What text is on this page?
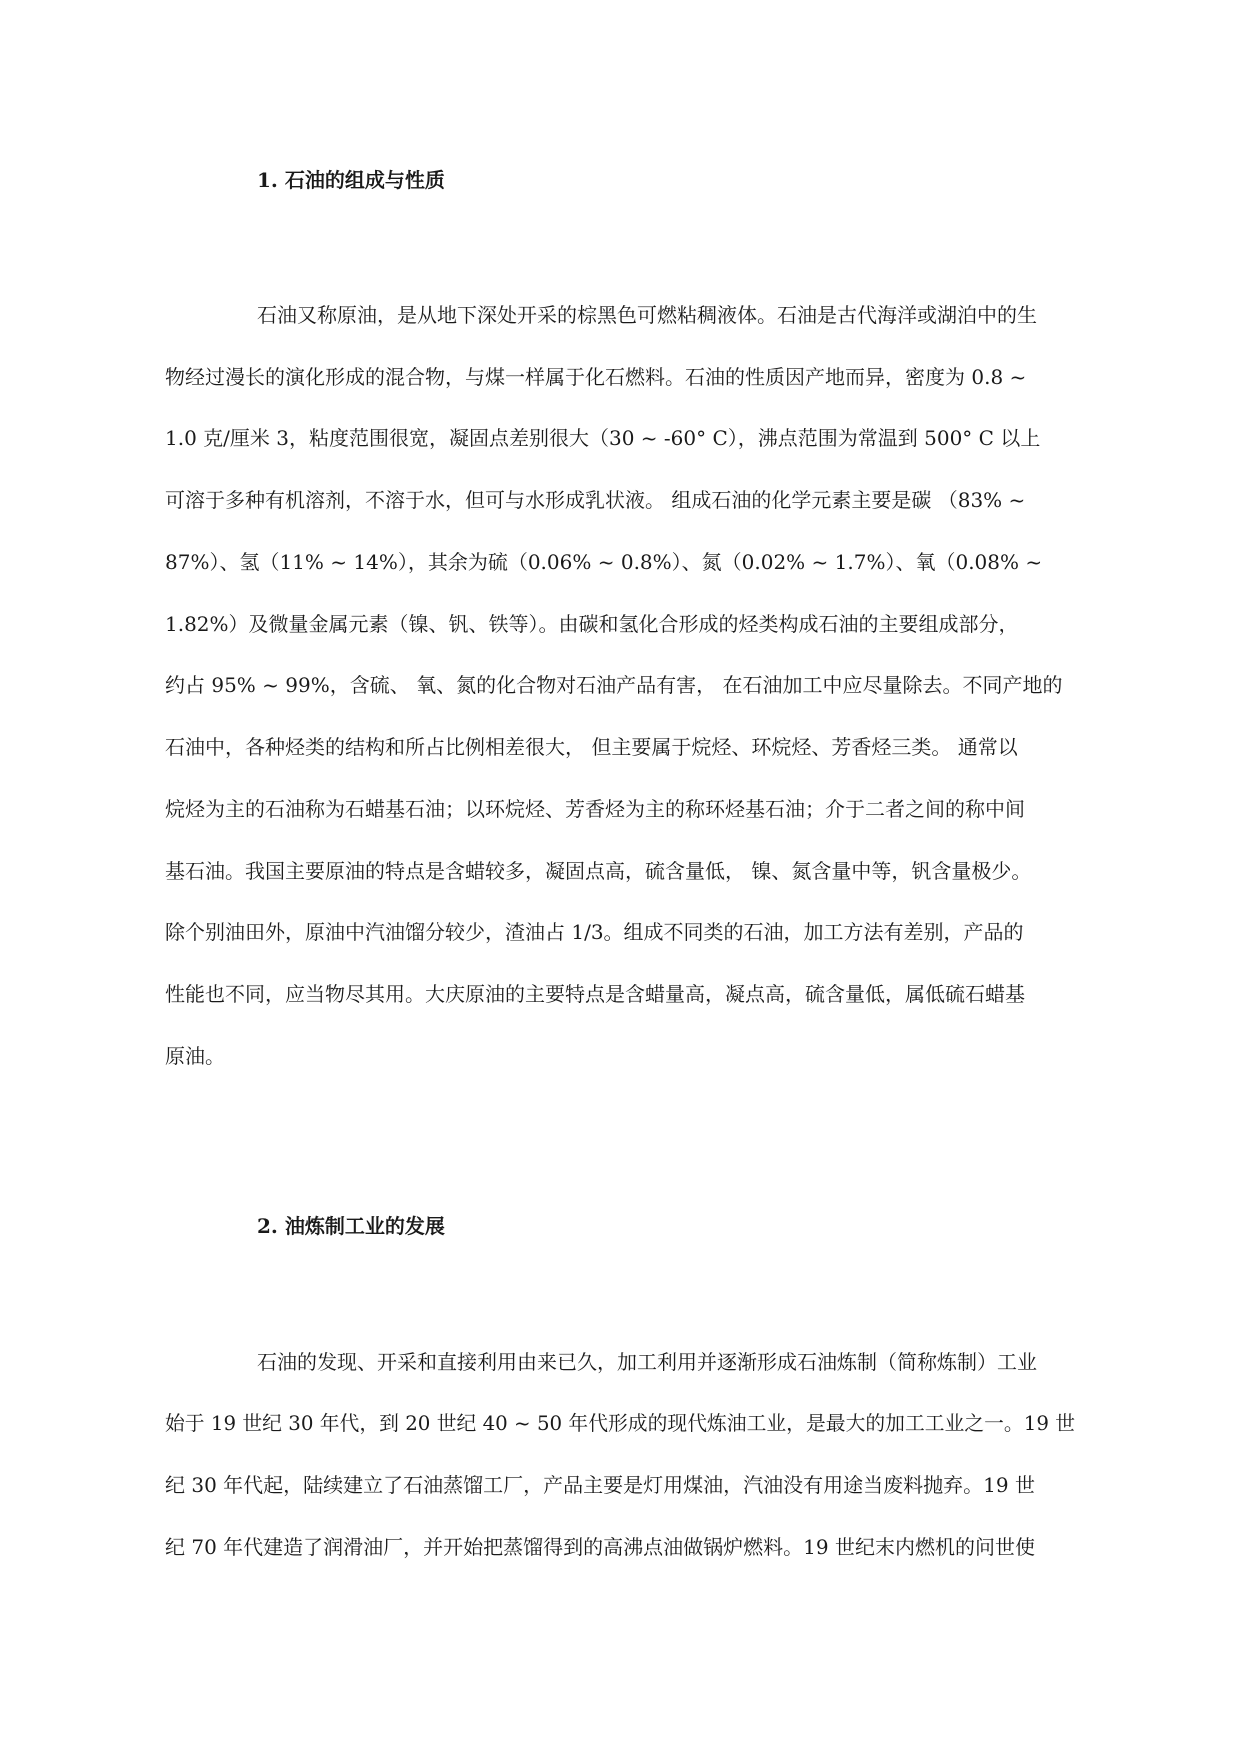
1. 石油的组成与性质
石油又称原油，是从地下深处开采的棕黑色可燃粘稠液体。石油是古代海洋或湖泊中的生
物经过漫长的演化形成的混合物，与煤一样属于化石燃料。石油的性质因产地而异，密度为 0.8 ~
1.0 克/厘米 3，粘度范围很宽，凝固点差别很大（30 ~ -60° C），沸点范围为常温到 500° C 以上
可溶于多种有机溶剂，不溶于水，但可与水形成乳状液。 组成石油的化学元素主要是碳 （83% ~
87%）、氢（11% ~ 14%），其余为硫（0.06% ~ 0.8%）、氮（0.02% ~ 1.7%）、氧（0.08% ~
1.82%）及微量金属元素（镍、钒、铁等）。由碳和氢化合形成的烃类构成石油的主要组成部分，
约占 95% ~ 99%，含硫、 氧、氮的化合物对石油产品有害， 在石油加工中应尽量除去。不同产地的
石油中，各种烃类的结构和所占比例相差很大， 但主要属于烷烃、环烷烃、芳香烃三类。 通常以
烷烃为主的石油称为石蜡基石油；以环烷烃、芳香烃为主的称环烃基石油；介于二者之间的称中间
基石油。我国主要原油的特点是含蜡较多，凝固点高，硫含量低， 镍、氮含量中等，钒含量极少。
除个别油田外，原油中汽油馏分较少，渣油占 1/3。组成不同类的石油，加工方法有差别，产品的
性能也不同，应当物尽其用。大庆原油的主要特点是含蜡量高，凝点高，硫含量低，属低硫石蜡基
原油。
2. 油炼制工业的发展
石油的发现、开采和直接利用由来已久，加工利用并逐渐形成石油炼制（简称炼制）工业
始于 19 世纪 30 年代，到 20 世纪 40 ~ 50 年代形成的现代炼油工业，是最大的加工工业之一。19 世
纪 30 年代起，陆续建立了石油蒸馏工厂，产品主要是灯用煤油，汽油没有用途当废料抛弃。19 世
纪 70 年代建造了润滑油厂，并开始把蒸馏得到的高沸点油做锅炉燃料。19 世纪末内燃机的问世使
